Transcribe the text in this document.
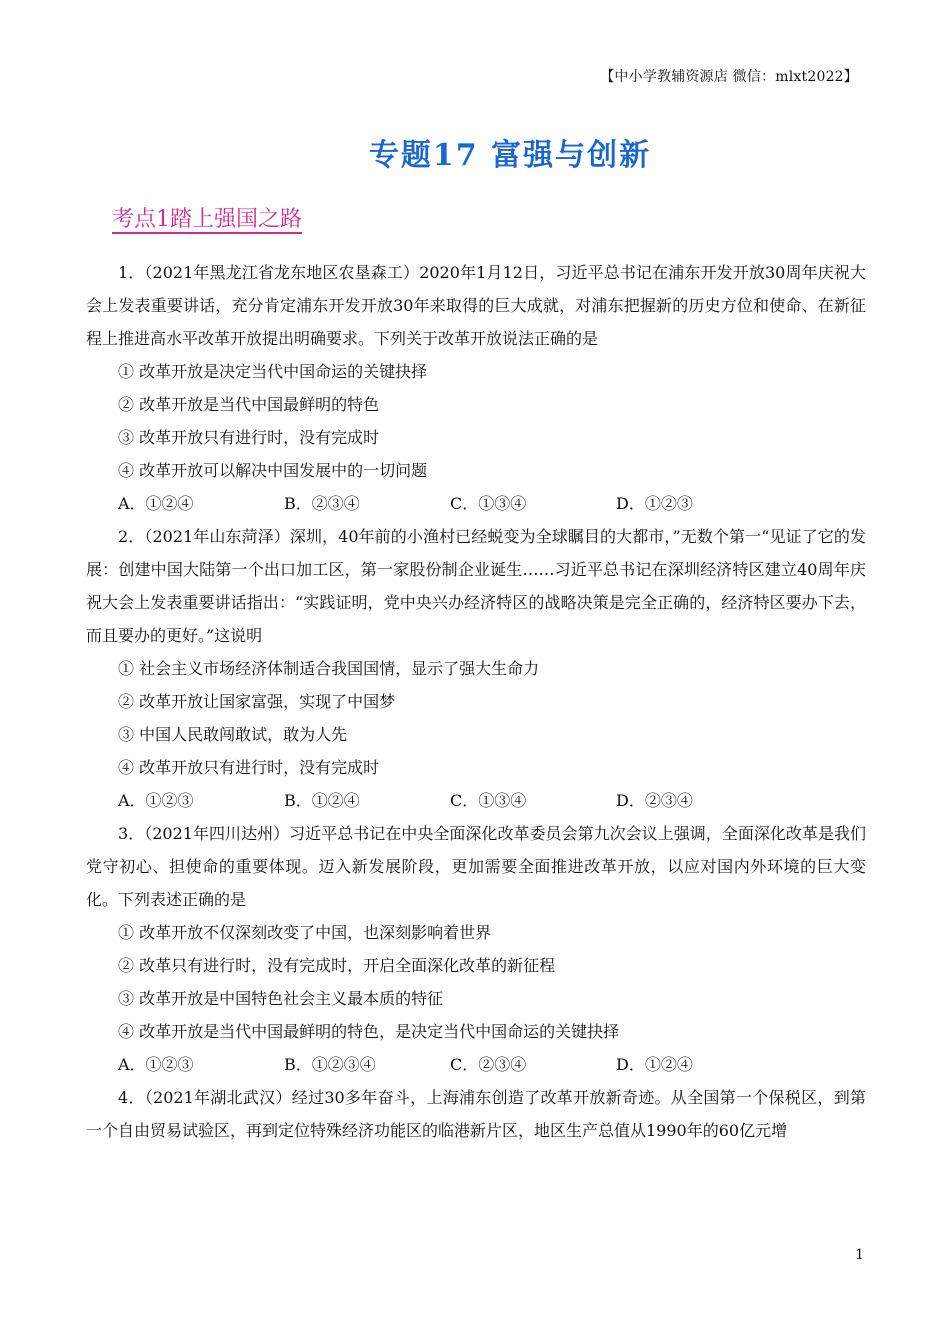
【中小学教辅资源店 微信：mlxt2022】
专题17 富强与创新
考点1踏上强国之路

1．（2021年黑龙江省龙东地区农垦森工）2020年1月12日，习近平总书记在浦东开发开放30周年庆祝大会上发表重要讲话，充分肯定浦东开发开放30年来取得的巨大成就，对浦东把握新的历史方位和使命、在新征程上推进高水平改革开放提出明确要求。下列关于改革开放说法正确的是

① 改革开放是决定当代中国命运的关键抉择

② 改革开放是当代中国最鲜明的特色

③ 改革开放只有进行时，没有完成时

④ 改革开放可以解决中国发展中的一切问题

A．①②④	B．②③④	C．①③④	D．①②③

2．（2021年山东菏泽）深圳，40年前的小渔村已经蜕变为全球瞩目的大都市，”无数个第一“见证了它的发展：创建中国大陆第一个出口加工区，第一家股份制企业诞生……习近平总书记在深圳经济特区建立40周年庆祝大会上发表重要讲话指出：“实践证明，党中央兴办经济特区的战略决策是完全正确的，经济特区要办下去，而且要办的更好。”这说明

① 社会主义市场经济体制适合我国国情，显示了强大生命力

② 改革开放让国家富强，实现了中国梦

③ 中国人民敢闯敢试，敢为人先

④ 改革开放只有进行时，没有完成时

A．①②③	B．①②④	C．①③④	D．②③④

3．（2021年四川达州）习近平总书记在中央全面深化改革委员会第九次会议上强调，全面深化改革是我们党守初心、担使命的重要体现。迈入新发展阶段，更加需要全面推进改革开放，以应对国内外环境的巨大变化。下列表述正确的是

① 改革开放不仅深刻改变了中国，也深刻影响着世界

② 改革只有进行时，没有完成时，开启全面深化改革的新征程

③ 改革开放是中国特色社会主义最本质的特征

④ 改革开放是当代中国最鲜明的特色，是决定当代中国命运的关键抉择

A．①②③	B．①②③④	C．②③④	D．①②④

4．（2021年湖北武汉）经过30多年奋斗，上海浦东创造了改革开放新奇迹。从全国第一个保税区，到第一个自由贸易试验区，再到定位特殊经济功能区的临港新片区，地区生产总值从1990年的60亿元增

1
